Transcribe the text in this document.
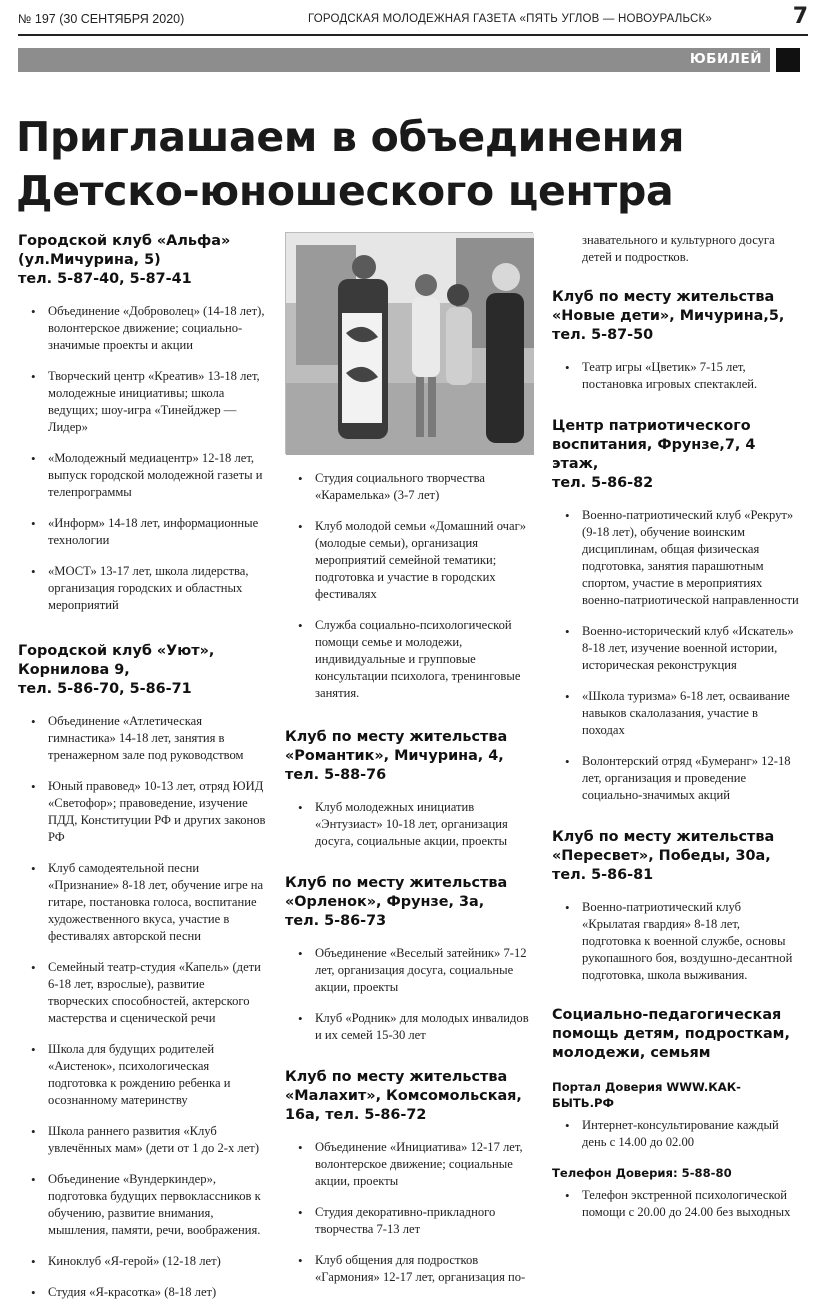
№ 197 (30 СЕНТЯБРЯ 2020)	ГОРОДСКАЯ МОЛОДЕЖНАЯ ГАЗЕТА «ПЯТЬ УГЛОВ — НОВОУРАЛЬСК»	7
ЮБИЛЕЙ
Приглашаем в объединения
Детско-юношеского центра
Городской клуб «Альфа»
(ул.Мичурина, 5)
тел. 5-87-40, 5-87-41
• Объединение «Доброволец» (14-18 лет), волонтерское движение; социально-значимые проекты и акции
• Творческий центр «Креатив» 13-18 лет, молодежные инициативы; школа ведущих; шоу-игра «Тинейджер — Лидер»
• «Молодежный медиацентр» 12-18 лет, выпуск городской молодежной газеты и телепрограммы
• «Информ» 14-18 лет, информационные технологии
• «МОСТ» 13-17 лет, школа лидерства, организация городских и областных мероприятий
Городской клуб «Уют»,
Корнилова 9,
тел. 5-86-70, 5-86-71
• Объединение «Атлетическая гимнастика» 14-18 лет, занятия в тренажерном зале под руководством
• Юный правовед» 10-13 лет, отряд ЮИД «Светофор»; правоведение, изучение ПДД, Конституции РФ и других законов РФ
• Клуб самодеятельной песни «Признание» 8-18 лет, обучение игре на гитаре, постановка голоса, воспитание художественного вкуса, участие в фестивалях авторской песни
• Семейный театр-студия «Капель» (дети 6-18 лет, взрослые), развитие творческих способностей, актерского мастерства и сценической речи
• Школа для будущих родителей «Аистенок», психологическая подготовка к рождению ребенка и осознанному материнству
• Школа раннего развития «Клуб увлечённых мам» (дети от 1 до 2-х лет)
• Объединение «Вундеркиндер», подготовка будущих первоклассников к обучению, развитие внимания, мышления, памяти, речи, воображения.
• Киноклуб «Я-герой» (12-18 лет)
• Студия «Я-красотка» (8-18 лет)
• Студия социального творчества «Карамелька» (3-7 лет)
• Клуб молодой семьи «Домашний очаг» (молодые семьи), организация мероприятий семейной тематики; подготовка и участие в городских фестивалях
• Служба социально-психологической помощи семье и молодежи, индивидуальные и групповые консультации психолога, тренинговые занятия.
Клуб по месту жительства
«Романтик», Мичурина, 4,
тел. 5-88-76
• Клуб молодежных инициатив «Энтузиаст» 10-18 лет, организация досуга, социальные акции, проекты
Клуб по месту жительства
«Орленок», Фрунзе, 3а,
тел. 5-86-73
• Объединение «Веселый затейник» 7-12 лет, организация досуга, социальные акции, проекты
• Клуб «Родник» для молодых инвалидов и их семей 15-30 лет
Клуб по месту жительства
«Малахит», Комсомольская,
16а, тел. 5-86-72
• Объединение «Инициатива» 12-17 лет, волонтерское движение; социальные акции, проекты
• Студия декоративно-прикладного творчества 7-13 лет
• Клуб общения для подростков «Гармония» 12-17 лет, организация по-
знавательного и культурного досуга детей и подростков.
Клуб по месту жительства
«Новые дети», Мичурина,5,
тел. 5-87-50
• Театр игры «Цветик» 7-15 лет, постановка игровых спектаклей.
Центр патриотического воспитания, Фрунзе,7, 4 этаж,
тел. 5-86-82
• Военно-патриотический клуб «Рекрут» (9-18 лет), обучение воинским дисциплинам, общая физическая подготовка, занятия парашютным спортом, участие в мероприятиях военно-патриотической направленности
• Военно-исторический клуб «Искатель» 8-18 лет, изучение военной истории, историческая реконструкция
• «Школа туризма» 6-18 лет, осваивание навыков скалолазания, участие в походах
• Волонтерский отряд «Бумеранг» 12-18 лет, организация и проведение социально-значимых акций
Клуб по месту жительства
«Пересвет», Победы, 30а,
тел. 5-86-81
• Военно-патриотический клуб «Крылатая гвардия» 8-18 лет, подготовка к военной службе, основы рукопашного боя, воздушно-десантной подготовка, школа выживания.
Социально-педагогическая помощь детям, подросткам, молодежи, семьям
Портал Доверия WWW.КАК-БЫТЬ.РФ
• Интернет-консультирование каждый день с 14.00 до 02.00
Телефон Доверия: 5-88-80
• Телефон экстренной психологической помощи с 20.00 до 24.00 без выходных
